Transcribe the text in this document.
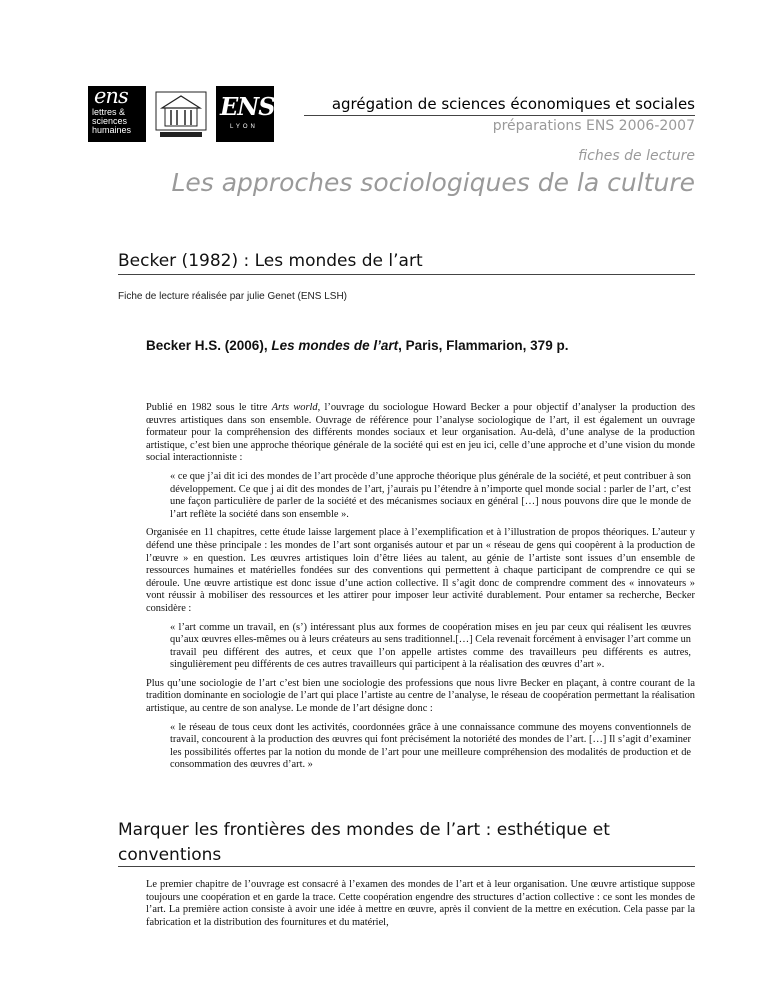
ens
lettres &
sciences
humaines
ENS
LYON
agrégation de sciences économiques et sociales
préparations ENS 2006-2007
fiches de lecture
Les approches sociologiques de la culture
Becker (1982) : Les mondes de l’art
Fiche de lecture réalisée par julie Genet (ENS LSH)
Becker H.S. (2006), Les mondes de l’art, Paris, Flammarion, 379 p.

Publié en 1982 sous le titre Arts world, l’ouvrage du sociologue Howard Becker a pour objectif d’analyser la production des œuvres artistiques dans son ensemble. Ouvrage de référence pour l’analyse sociologique de l’art, il est également un ouvrage formateur pour la compréhension des différents mondes sociaux et leur organisation. Au-delà, d’une analyse de la production artistique, c’est bien une approche théorique générale de la société qui est en jeu ici, celle d’une approche et d’une vision du monde social interactionniste :

« ce que j’ai dit ici des mondes de l’art procède d’une approche théorique plus générale de la société, et peut contribuer à son développement. Ce que j ai dit des mondes de l’art, j’aurais pu l’étendre à n’importe quel monde social : parler de l’art, c’est une façon particulière de parler de la société et des mécanismes sociaux en général […] nous pouvons dire que le monde de l’art reflète la société dans son ensemble ».

Organisée en 11 chapitres, cette étude laisse largement place à l’exemplification et à l’illustration de propos théoriques. L’auteur y défend une thèse principale : les mondes de l’art sont organisés autour et par un « réseau de gens qui coopèrent à la production de l’œuvre » en question. Les œuvres artistiques loin d’être liées au talent, au génie de l’artiste sont issues d’un ensemble de ressources humaines et matérielles fondées sur des conventions qui permettent à chaque participant de comprendre ce qui se déroule. Une œuvre artistique est donc issue d’une action collective. Il s’agit donc de comprendre comment des « innovateurs » vont réussir à mobiliser des ressources et les attirer pour imposer leur activité durablement. Pour entamer sa recherche, Becker considère :

« l’art comme un travail, en (s’) intéressant plus aux formes de coopération mises en jeu par ceux qui réalisent les œuvres qu’aux œuvres elles-mêmes ou à leurs créateurs au sens traditionnel.[…] Cela revenait forcément à envisager l’art comme un travail peu différent des autres, et ceux que l’on appelle artistes comme des travailleurs peu différents es autres, singulièrement peu différents de ces autres travailleurs qui participent à la réalisation des œuvres d’art ».

Plus qu’une sociologie de l’art c’est bien une sociologie des professions que nous livre Becker en plaçant, à contre courant de la tradition dominante en sociologie de l’art qui place l’artiste au centre de l’analyse, le réseau de coopération permettant la réalisation artistique, au centre de son analyse. Le monde de l’art désigne donc :

« le réseau de tous ceux dont les activités, coordonnées grâce à une connaissance commune des moyens conventionnels de travail, concourent à la production des œuvres qui font précisément la notoriété des mondes de l’art. […] Il s’agit d’examiner les possibilités offertes par la notion du monde de l’art pour une meilleure compréhension des modalités de production et de consommation des œuvres d’art. »

Marquer les frontières des mondes de l’art : esthétique et conventions

Le premier chapitre de l’ouvrage est consacré à l’examen des mondes de l’art et à leur organisation. Une œuvre artistique suppose toujours une coopération et en garde la trace. Cette coopération engendre des structures d’action collective : ce sont les mondes de l’art. La première action consiste à avoir une idée à mettre en œuvre, après il convient de la mettre en exécution. Cela passe par la fabrication et la distribution des fournitures et du matériel,
